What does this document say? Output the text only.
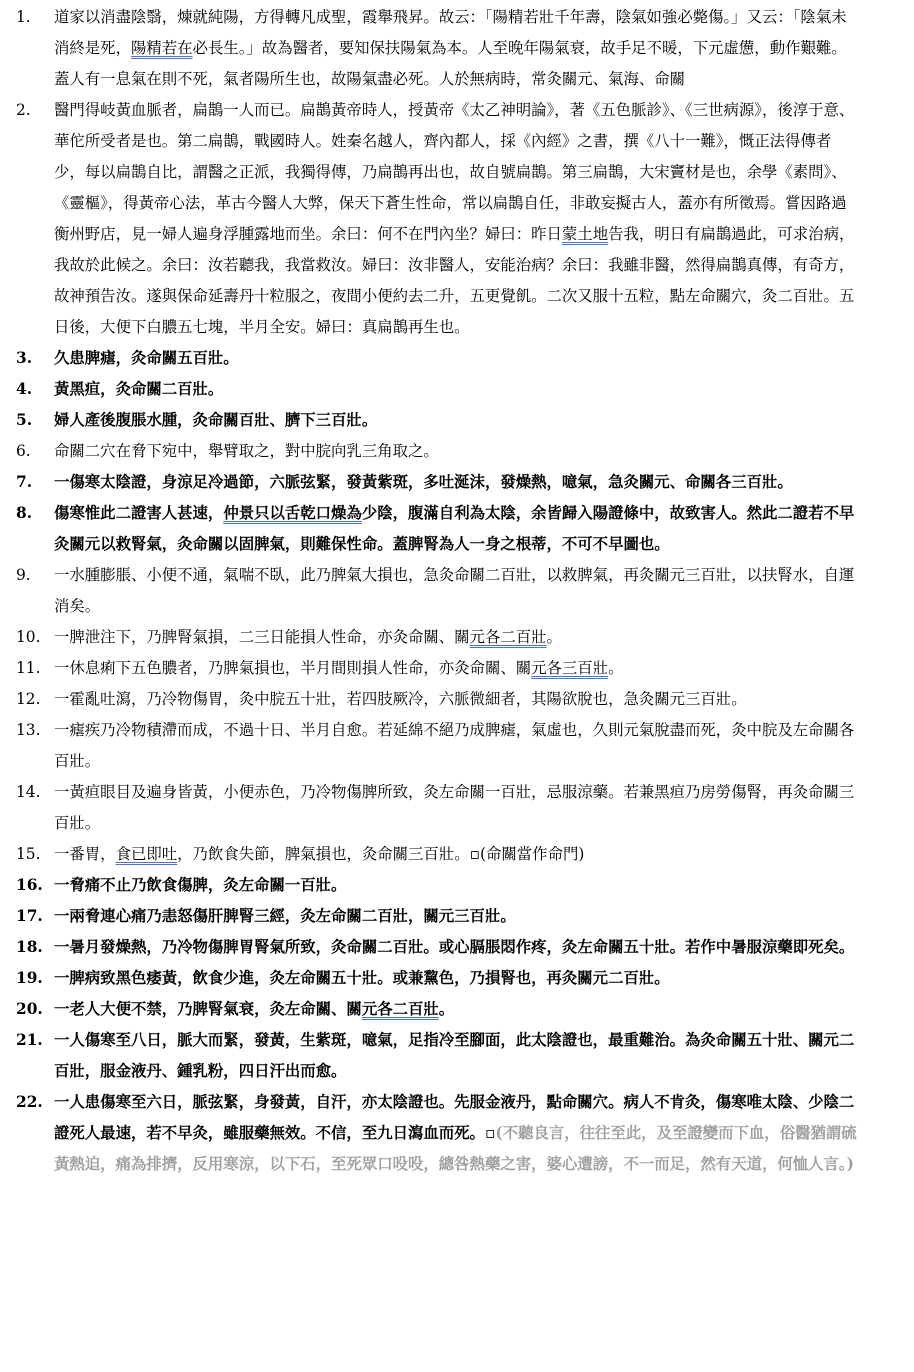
1.	道家以消盡陰翳，煉就純陽，方得轉凡成聖，霞舉飛昇。故云：「陽精若壯千年壽，陰氣如強必斃傷。」又云：「陰氣未消終是死，陽精若在必長生。」故為醫者，要知保扶陽氣為本。人至晚年陽氣衰，故手足不暖，下元虛憊，動作艱難。蓋人有一息氣在則不死，氣者陽所生也，故陽氣盡必死。人於無病時，常灸關元、氣海、命關
2.	醫門得岐黃血脈者，扁鵲一人而已。扁鵲黃帝時人，授黃帝《太乙神明論》，著《五色脈診》、《三世病源》，後淳于意、華佗所受者是也。第二扁鵲，戰國時人。姓秦名越人，齊內都人，採《內經》之書，撰《八十一難》，慨正法得傳者少，每以扁鵲自比，謂醫之正派，我獨得傳，乃扁鵲再出也，故自號扁鵲。第三扁鵲，大宋竇材是也，余學《素問》、《靈樞》，得黃帝心法，革古今醫人大弊，保天下蒼生性命，常以扁鵲自任，非敢妄擬古人，蓋亦有所徵焉。嘗因路過衡州野店，見一婦人遍身浮腫露地而坐。余曰：何不在門內坐？婦曰：昨日蒙土地告我，明日有扁鵲過此，可求治病，我故於此候之。余曰：汝若聽我，我當救汝。婦曰：汝非醫人，安能治病？余曰：我雖非醫，然得扁鵲真傳，有奇方，故神預告汝。遂與保命延壽丹十粒服之，夜間小便約去二升，五更覺飢。二次又服十五粒，點左命關穴，灸二百壯。五日後，大便下白膿五七塊，半月全安。婦曰：真扁鵲再生也。
3.	久患脾瘧，灸命關五百壯。
4.	黃黑疸，灸命關二百壯。
5.	婦人產後腹脹水腫，灸命關百壯、臍下三百壯。
6.	命關二穴在脅下宛中，舉臂取之，對中脘向乳三角取之。
7.	一傷寒太陰證，身涼足冷過節，六脈弦緊，發黃紫斑，多吐涎沫，發燥熱，噫氣，急灸關元、命關各三百壯。
8.	傷寒惟此二證害人甚速，仲景只以舌乾口燥為少陰，腹滿自利為太陰，余皆歸入陽證條中，故致害人。然此二證若不早灸關元以救腎氣，灸命關以固脾氣，則難保性命。蓋脾腎為人一身之根蒂，不可不早圖也。
9.	一水腫膨脹、小便不通，氣喘不臥，此乃脾氣大損也，急灸命關二百壯，以救脾氣，再灸關元三百壯，以扶腎水，自運消矣。
10. 一脾泄注下，乃脾腎氣損，二三日能損人性命，亦灸命關、關元各二百壯。
11. 一休息痢下五色膿者，乃脾氣損也，半月間則損人性命，亦灸命關、關元各三百壯。
12. 一霍亂吐瀉，乃冷物傷胃，灸中脘五十壯，若四肢厥冷，六脈微細者，其陽欲脫也，急灸關元三百壯。
13. 一瘧疾乃冷物積滯而成，不過十日、半月自愈。若延綿不絕乃成脾瘧，氣虛也，久則元氣脫盡而死，灸中脘及左命關各百壯。
14. 一黃疸眼目及遍身皆黃，小便赤色，乃冷物傷脾所致，灸左命關一百壯，忌服涼藥。若兼黑疸乃房勞傷腎，再灸命關三百壯。
15. 一番胃，食已即吐，乃飲食失節，脾氣損也，灸命關三百壯。▫(命關當作命門)
16. 一脅痛不止乃飲食傷脾，灸左命關一百壯。
17. 一兩脅連心痛乃恚怒傷肝脾腎三經，灸左命關二百壯，關元三百壯。
18. 一暑月發燥熱，乃冷物傷脾胃腎氣所致，灸命關二百壯。或心膈脹悶作疼，灸左命關五十壯。若作中暑服涼藥即死矣。
19. 一脾病致黑色痿黃，飲食少進，灸左命關五十壯。或兼黧色，乃損腎也，再灸關元二百壯。
20. 一老人大便不禁，乃脾腎氣衰，灸左命關、關元各二百壯。
21. 一人傷寒至八日，脈大而緊，發黃，生紫斑，噫氣，足指冷至腳面，此太陰證也，最重難治。為灸命關五十壯、關元二百壯，服金液丹、鍾乳粉，四日汗出而愈。
22. 一人患傷寒至六日，脈弦緊，身發黃，自汗，亦太陰證也。先服金液丹，點命關穴。病人不肯灸，傷寒唯太陰、少陰二證死人最速，若不早灸，雖服藥無效。不信，至九日瀉血而死。▫(不聽良言，往往至此，及至證變而下血，俗醫猶謂硫黃熱迫，痛為排擠，反用寒涼，以下石，至死眾口吺吺，總咎熱藥之害，婆心遭謗，不一而足，然有天道，何恤人言。)
